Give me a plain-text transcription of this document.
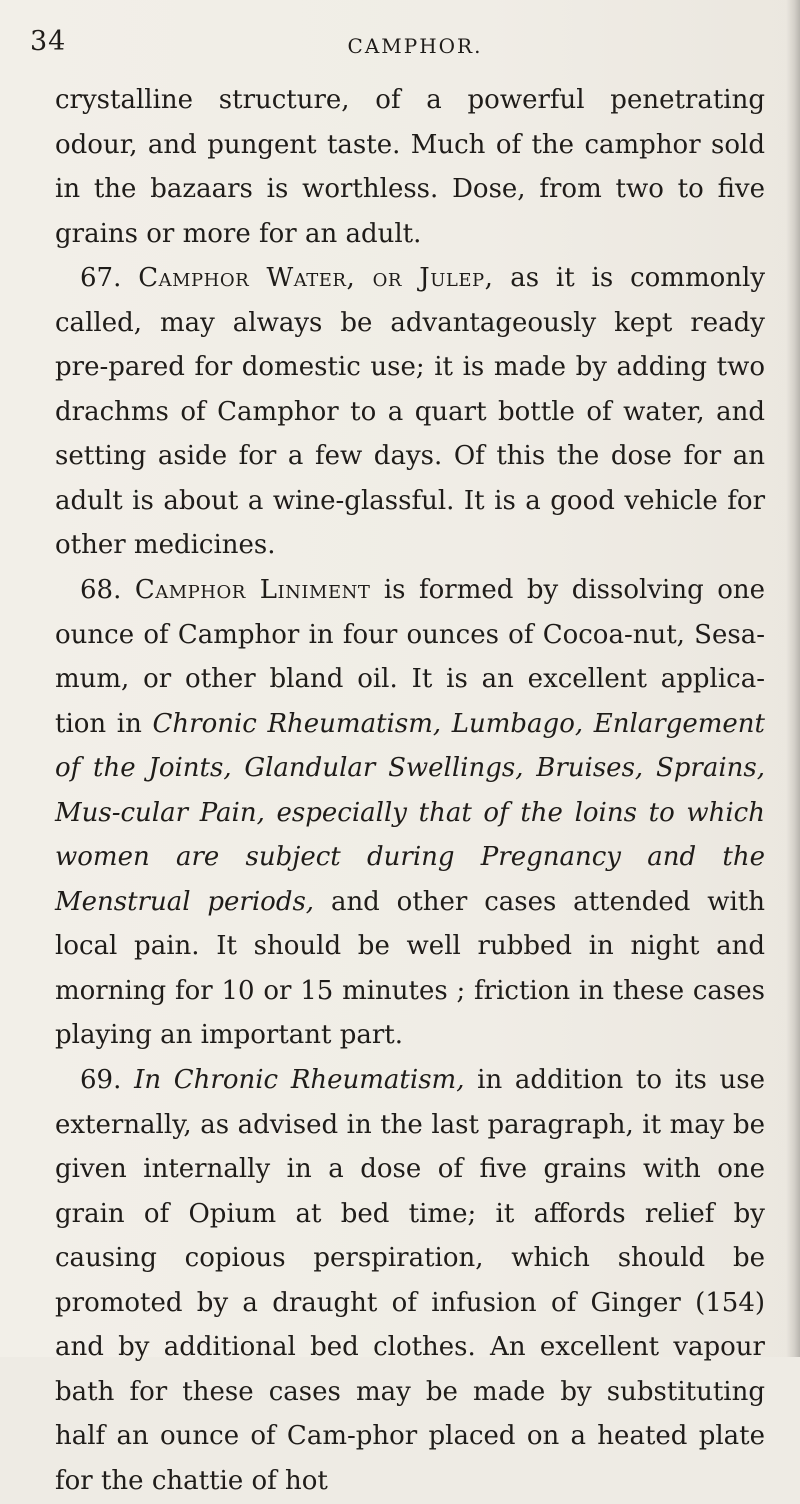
34	CAMPHOR.

crystalline structure, of a powerful penetrating odour, and pungent taste. Much of the camphor sold in the bazaars is worthless. Dose, from two to five grains or more for an adult.

67. Camphor Water, or Julep, as it is commonly called, may always be advantageously kept ready pre-pared for domestic use; it is made by adding two drachms of Camphor to a quart bottle of water, and setting aside for a few days. Of this the dose for an adult is about a wine-glassful. It is a good vehicle for other medicines.

68. Camphor Liniment is formed by dissolving one ounce of Camphor in four ounces of Cocoa-nut, Sesa-mum, or other bland oil. It is an excellent applica-tion in Chronic Rheumatism, Lumbago, Enlargement of the Joints, Glandular Swellings, Bruises, Sprains, Mus-cular Pain, especially that of the loins to which women are subject during Pregnancy and the Menstrual periods, and other cases attended with local pain. It should be well rubbed in night and morning for 10 or 15 minutes ; friction in these cases playing an important part.

69. In Chronic Rheumatism, in addition to its use externally, as advised in the last paragraph, it may be given internally in a dose of five grains with one grain of Opium at bed time; it affords relief by causing copious perspiration, which should be promoted by a draught of infusion of Ginger (154) and by additional bed clothes. An excellent vapour bath for these cases may be made by substituting half an ounce of Cam-phor placed on a heated plate for the chattie of hot
